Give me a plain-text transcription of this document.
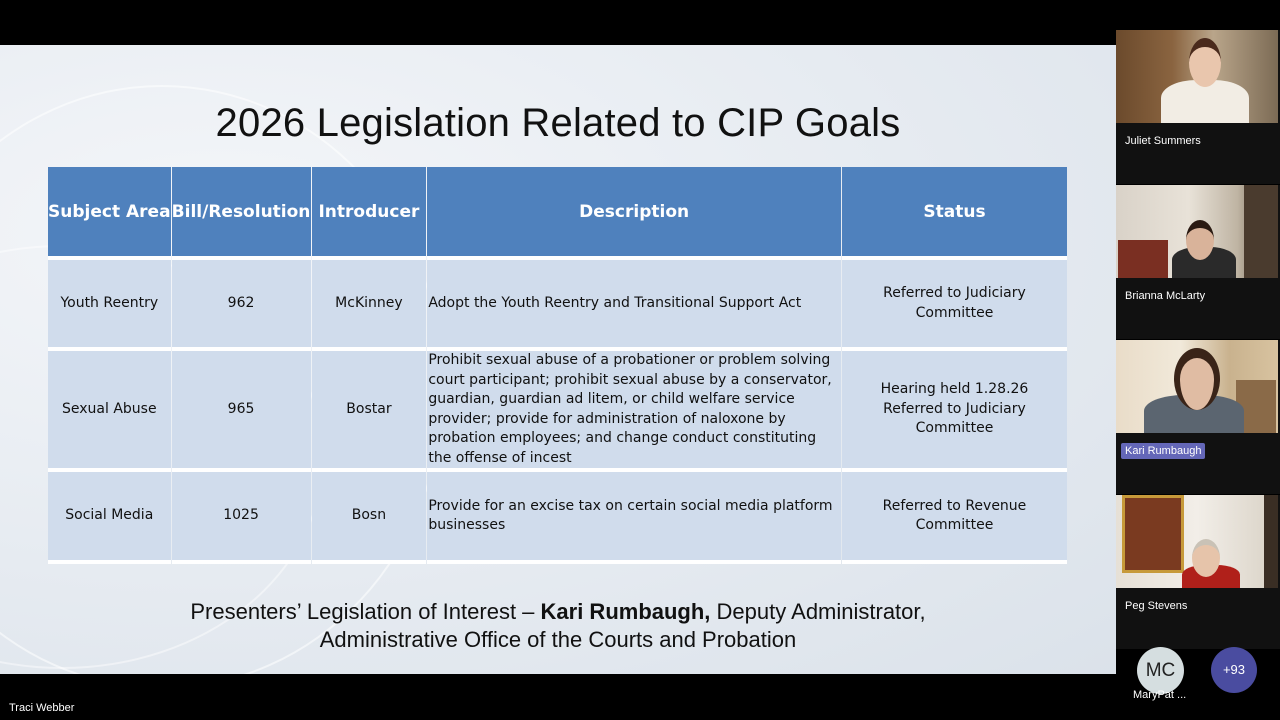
2026 Legislation Related to CIP Goals
Subject Area	Bill/Resolution	Introducer	Description	Status
Youth Reentry	962	McKinney	Adopt the Youth Reentry and Transitional Support Act	Referred to Judiciary Committee

Sexual Abuse	965	Bostar	Prohibit sexual abuse of a probationer or problem solving court participant; prohibit sexual abuse by a conservator, guardian, guardian ad litem, or child welfare service provider; provide for administration of naloxone by probation employees; and change conduct constituting the offense of incest	Hearing held 1.28.26
Referred to Judiciary Committee

Social Media	1025	Bosn	Provide for an excise tax on certain social media platform businesses	Referred to Revenue Committee
Presenters’ Legislation of Interest – Kari Rumbaugh, Deputy Administrator,
Administrative Office of the Courts and Probation
Traci Webber
Juliet Summers
Brianna McLarty
Kari Rumbaugh
Peg Stevens
MC
MaryPat ...
+93
